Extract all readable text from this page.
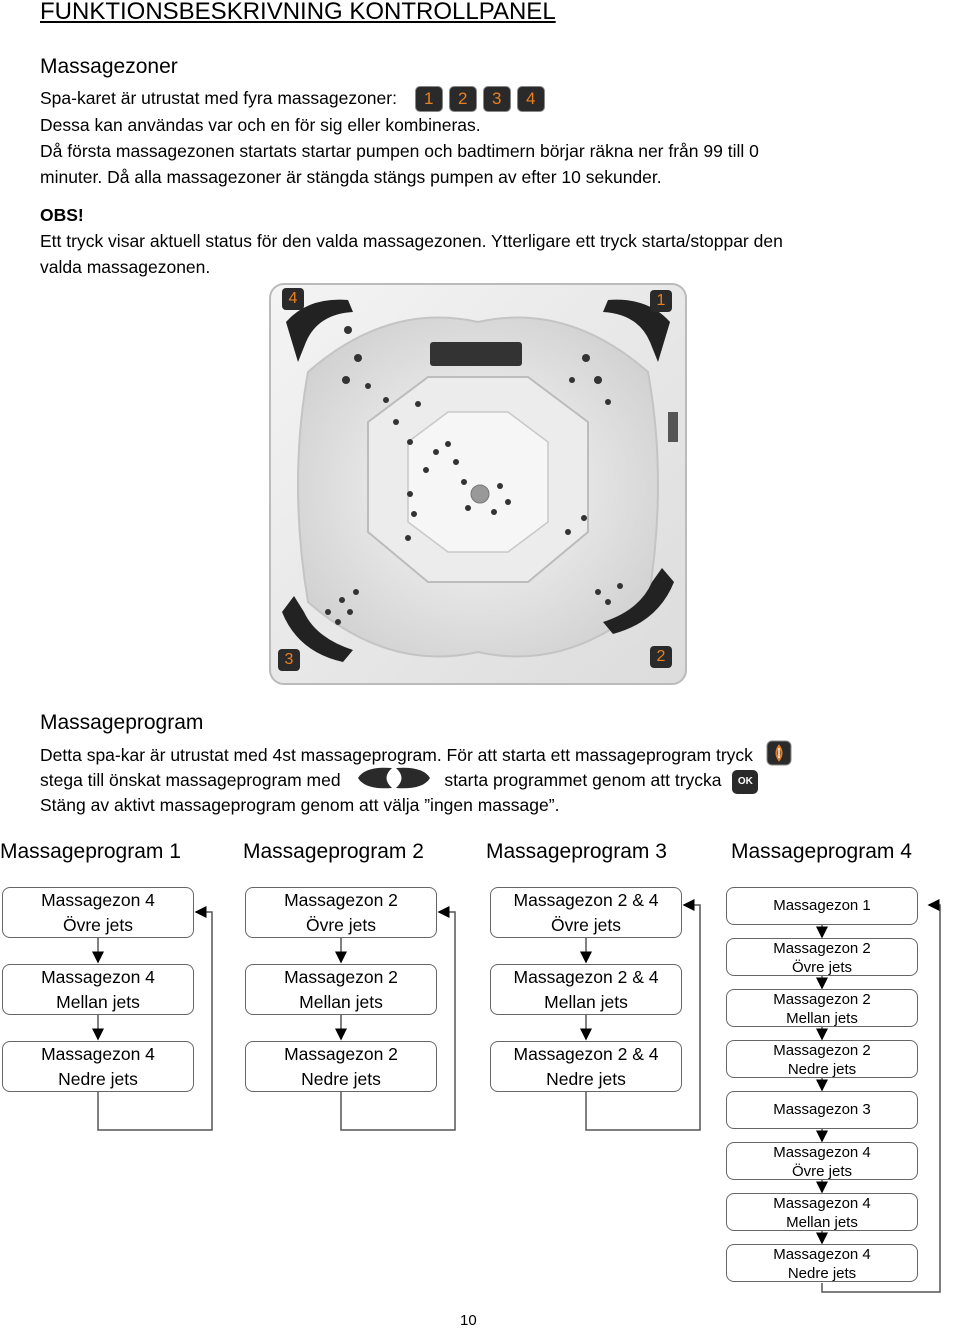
FUNKTIONSBESKRIVNING KONTROLLPANEL
Massagezoner
Spa-karet är utrustat med fyra massagezoner: 1 2 3 4
Dessa kan användas var och en för sig eller kombineras.
Då första massagezonen startats startar pumpen och badtimern börjar räkna ner från 99 till 0
minuter. Då alla massagezoner är stängda stängs pumpen av efter 10 sekunder.
OBS!
Ett tryck visar aktuell status för den valda massagezonen. Ytterligare ett tryck starta/stoppar den
valda massagezonen.
4	1
3	2
Massageprogram
Detta spa-kar är utrustat med 4st massageprogram. För att starta ett massageprogram tryck
stega till önskat massageprogram med	starta programmet genom att trycka OK
Stäng av aktivt massageprogram genom att välja ”ingen massage”.
Massageprogram 1	Massageprogram 2	Massageprogram 3	Massageprogram 4
Massagezon 4
Övre jets
Massagezon 4
Mellan jets
Massagezon 4
Nedre jets
Massagezon 2
Övre jets
Massagezon 2
Mellan jets
Massagezon 2
Nedre jets
Massagezon 2 & 4
Övre jets
Massagezon 2 & 4
Mellan jets
Massagezon 2 & 4
Nedre jets
Massagezon 1
Massagezon 2
Övre jets
Massagezon 2
Mellan jets
Massagezon 2
Nedre jets
Massagezon 3
Massagezon 4
Övre jets
Massagezon 4
Mellan jets
Massagezon 4
Nedre jets
10
